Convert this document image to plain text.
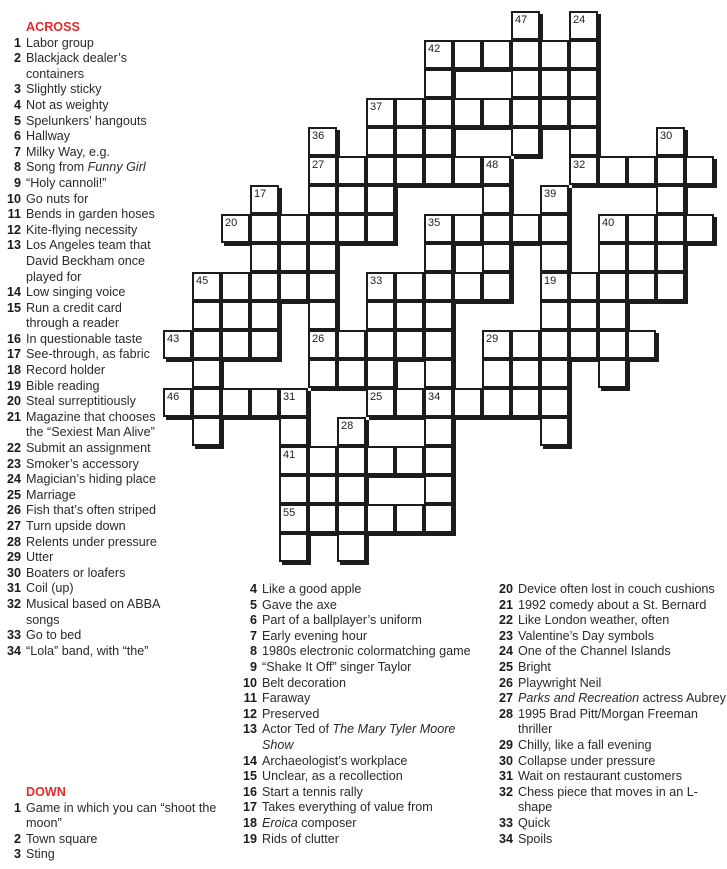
47	24
42
37
36	30
27	48	32
17	39
20	35	40
45	33	19
43	26	29
46	31	25	34
28
41
55
ACROSS
1 Labor group
2 Blackjack dealer’s containers
3 Slightly sticky
4 Not as weighty
5 Spelunkers’ hangouts
6 Hallway
7 Milky Way, e.g.
8 Song from Funny Girl
9 “Holy cannoli!”
10 Go nuts for
11 Bends in garden hoses
12 Kite-flying necessity
13 Los Angeles team that David Beckham once played for
14 Low singing voice
15 Run a credit card through a reader
16 In questionable taste
17 See-through, as fabric
18 Record holder
19 Bible reading
20 Steal surreptitiously
21 Magazine that chooses the “Sexiest Man Alive”
22 Submit an assignment
23 Smoker’s accessory
24 Magician’s hiding place
25 Marriage
26 Fish that’s often striped
27 Turn upside down
28 Relents under pressure
29 Utter
30 Boaters or loafers
31 Coil (up)
32 Musical based on ABBA songs
33 Go to bed
34 “Lola” band, with “the”
DOWN
1 Game in which you can “shoot the moon”
2 Town square
3 Sting
4 Like a good apple
5 Gave the axe
6 Part of a ballplayer’s uniform
7 Early evening hour
8 1980s electronic colormatching game
9 “Shake It Off” singer Taylor
10 Belt decoration
11 Faraway
12 Preserved
13 Actor Ted of The Mary Tyler Moore Show
14 Archaeologist’s workplace
15 Unclear, as a recollection
16 Start a tennis rally
17 Takes everything of value from
18 Eroica composer
19 Rids of clutter
20 Device often lost in couch cushions
21 1992 comedy about a St. Bernard
22 Like London weather, often
23 Valentine’s Day symbols
24 One of the Channel Islands
25 Bright
26 Playwright Neil
27 Parks and Recreation actress Aubrey
28 1995 Brad Pitt/Morgan Freeman thriller
29 Chilly, like a fall evening
30 Collapse under pressure
31 Wait on restaurant customers
32 Chess piece that moves in an L-shape
33 Quick
34 Spoils
